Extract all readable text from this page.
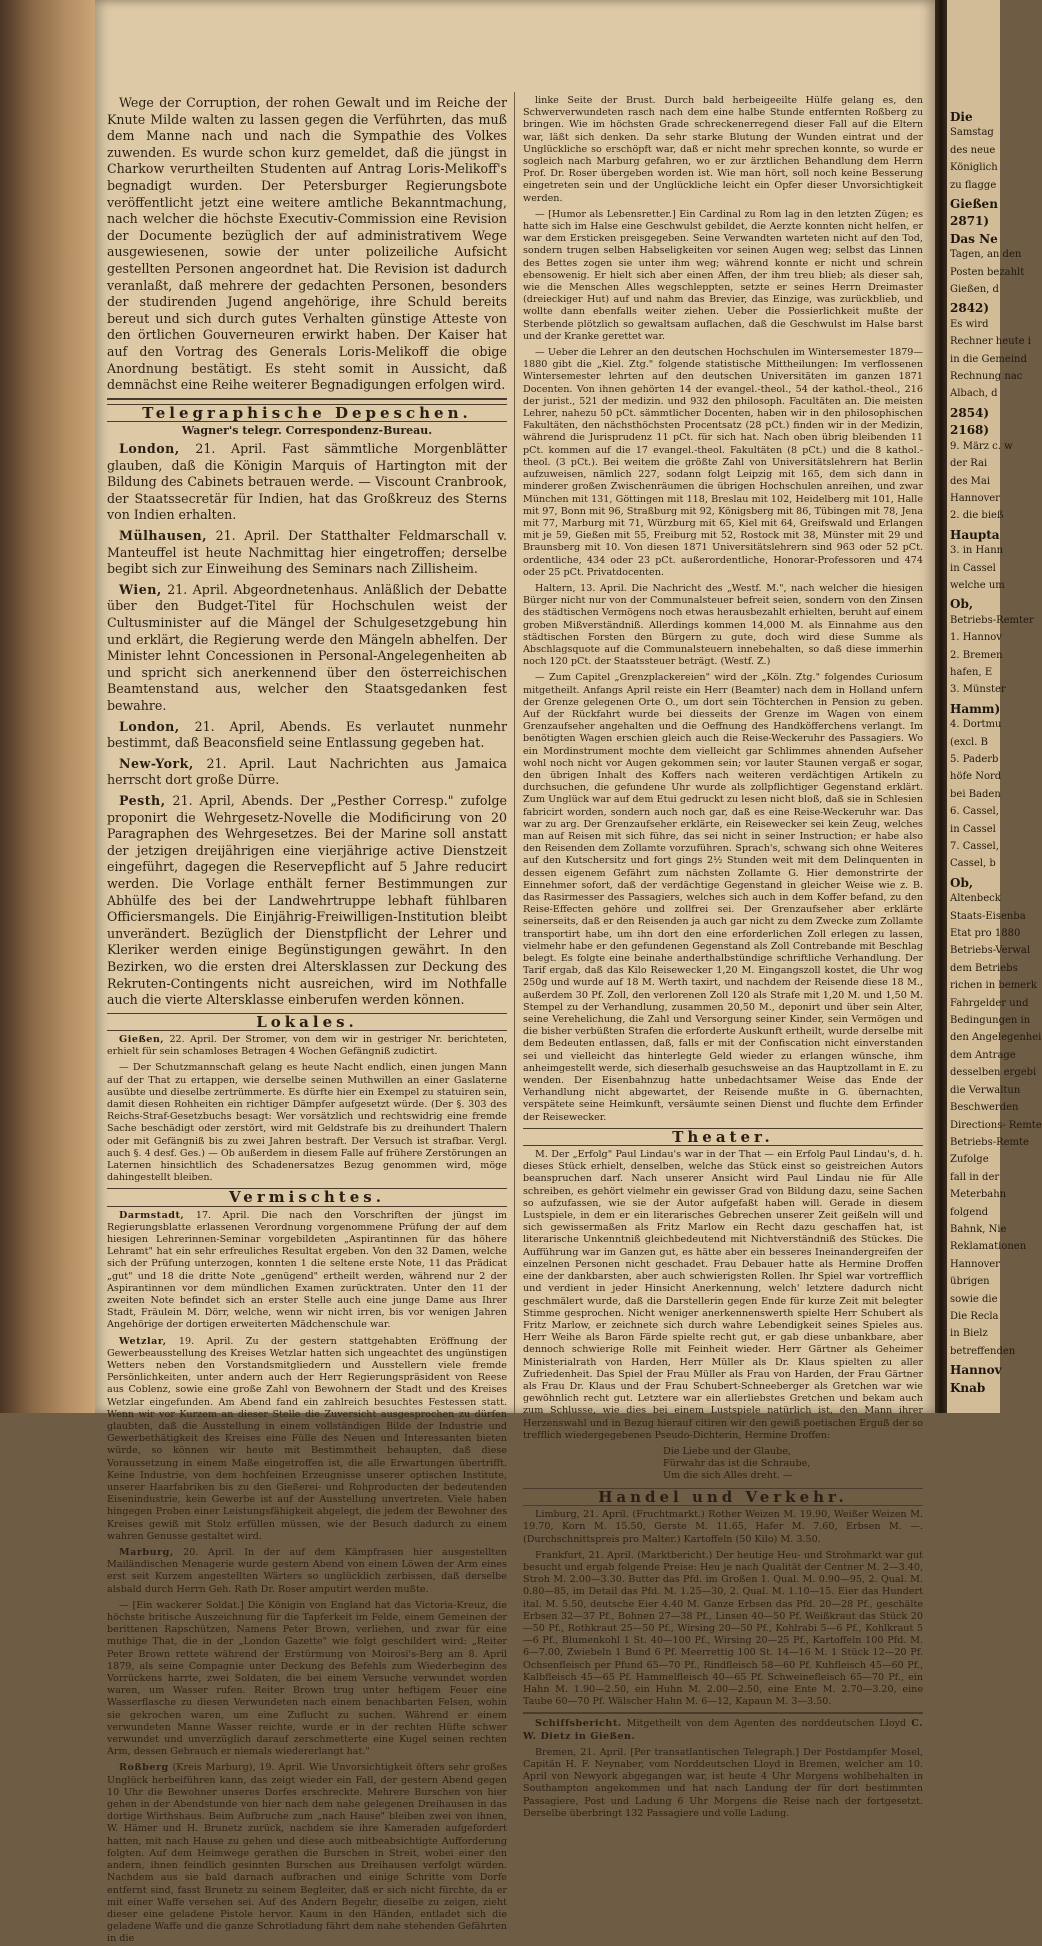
Wege der Corruption, der rohen Gewalt und im Reiche der Knute Milde walten zu lassen gegen die Verführten, das muß dem Manne nach und nach die Sympathie des Volkes zuwenden. Es wurde schon kurz gemeldet, daß die jüngst in Charkow verurtheilten Studenten auf Antrag Loris-Melikoff's begnadigt wurden. Der Petersburger Regierungsbote veröffentlicht jetzt eine weitere amtliche Bekanntmachung, nach welcher die höchste Executiv-Commission eine Revision der Documente bezüglich der auf administrativem Wege ausgewiesenen, sowie der unter polizeiliche Aufsicht gestellten Personen angeordnet hat. Die Revision ist dadurch veranlaßt, daß mehrere der gedachten Personen, besonders der studirenden Jugend angehörige, ihre Schuld bereits bereut und sich durch gutes Verhalten günstige Atteste von den örtlichen Gouverneuren erwirkt haben. Der Kaiser hat auf den Vortrag des Generals Loris-Melikoff die obige Anordnung bestätigt. Es steht somit in Aussicht, daß demnächst eine Reihe weiterer Begnadigungen erfolgen wird.

Telegraphische Depeschen.
Wagner's telegr. Correspondenz-Bureau.

London, 21. April. Fast sämmtliche Morgenblätter glauben, daß die Königin Marquis of Hartington mit der Bildung des Cabinets betrauen werde. — Viscount Cranbrook, der Staatssecretär für Indien, hat das Großkreuz des Sterns von Indien erhalten.

Mülhausen, 21. April. Der Statthalter Feldmarschall v. Manteuffel ist heute Nachmittag hier eingetroffen; derselbe begibt sich zur Einweihung des Seminars nach Zillisheim.

Wien, 21. April. Abgeordnetenhaus. Anläßlich der Debatte über den Budget-Titel für Hochschulen weist der Cultusminister auf die Mängel der Schulgesetzgebung hin und erklärt, die Regierung werde den Mängeln abhelfen. Der Minister lehnt Concessionen in Personal-Angelegenheiten ab und spricht sich anerkennend über den österreichischen Beamtenstand aus, welcher den Staatsgedanken fest bewahre.

London, 21. April, Abends. Es verlautet nunmehr bestimmt, daß Beaconsfield seine Entlassung gegeben hat.

New-York, 21. April. Laut Nachrichten aus Jamaica herrscht dort große Dürre.

Pesth, 21. April, Abends. Der „Pesther Corresp." zufolge proponirt die Wehrgesetz-Novelle die Modificirung von 20 Paragraphen des Wehrgesetzes. Bei der Marine soll anstatt der jetzigen dreijährigen eine vierjährige active Dienstzeit eingeführt, dagegen die Reservepflicht auf 5 Jahre reducirt werden. Die Vorlage enthält ferner Bestimmungen zur Abhülfe des bei der Landwehrtruppe lebhaft fühlbaren Officiersmangels. Die Einjährig-Freiwilligen-Institution bleibt unverändert. Bezüglich der Dienstpflicht der Lehrer und Kleriker werden einige Begünstigungen gewährt. In den Bezirken, wo die ersten drei Altersklassen zur Deckung des Rekruten-Contingents nicht ausreichen, wird im Nothfalle auch die vierte Altersklasse einberufen werden können.

Lokales.

Gießen, 22. April. Der Stromer, von dem wir in gestriger Nr. berichteten, erhielt für sein schamloses Betragen 4 Wochen Gefängniß zudictirt.

— Der Schutzmannschaft gelang es heute Nacht endlich, einen jungen Mann auf der That zu ertappen, wie derselbe seinen Muthwillen an einer Gaslaterne ausübte und dieselbe zertrümmerte. Es dürfte hier ein Exempel zu statuiren sein, damit diesen Rohheiten ein richtiger Dämpfer aufgesetzt würde. (Der §. 303 des Reichs-Straf-Gesetzbuchs besagt: Wer vorsätzlich und rechtswidrig eine fremde Sache beschädigt oder zerstört, wird mit Geldstrafe bis zu dreihundert Thalern oder mit Gefängniß bis zu zwei Jahren bestraft. Der Versuch ist strafbar. Vergl. auch §. 4 desf. Ges.) — Ob außerdem in diesem Falle auf frühere Zerstörungen an Laternen hinsichtlich des Schadenersatzes Bezug genommen wird, möge dahingestellt bleiben.

Vermischtes.

Darmstadt, 17. April. Die nach den Vorschriften der jüngst im Regierungsblatte erlassenen Verordnung vorgenommene Prüfung der auf dem hiesigen Lehrerinnen-Seminar vorgebildeten „Aspirantinnen für das höhere Lehramt" hat ein sehr erfreuliches Resultat ergeben. Von den 32 Damen, welche sich der Prüfung unterzogen, konnten 1 die seltene erste Note, 11 das Prädicat „gut" und 18 die dritte Note „genügend" ertheilt werden, während nur 2 der Aspirantinnen vor dem mündlichen Examen zurücktraten. Unter den 11 der zweiten Note befindet sich an erster Stelle auch eine junge Dame aus Ihrer Stadt, Fräulein M. Dörr, welche, wenn wir nicht irren, bis vor wenigen Jahren Angehörige der dortigen erweiterten Mädchenschule war.

Wetzlar, 19. April. Zu der gestern stattgehabten Eröffnung der Gewerbeausstellung des Kreises Wetzlar hatten sich ungeachtet des ungünstigen Wetters neben den Vorstandsmitgliedern und Ausstellern viele fremde Persönlichkeiten, unter andern auch der Herr Regierungspräsident von Reese aus Coblenz, sowie eine große Zahl von Bewohnern der Stadt und des Kreises Wetzlar eingefunden. Am Abend fand ein zahlreich besuchtes Festessen statt. Wenn wir vor Kurzem an dieser Stelle die Zuversicht ausgesprochen zu dürfen glaubten, daß die Ausstellung in einem vollständigen Bilde der Industrie und Gewerbethätigkeit des Kreises eine Fülle des Neuen und Interessanten bieten würde, so können wir heute mit Bestimmtheit behaupten, daß diese Voraussetzung in einem Maße eingetroffen ist, die alle Erwartungen übertrifft. Keine Industrie, von dem hochfeinen Erzeugnisse unserer optischen Institute, unserer Haarfabriken bis zu den Gießerei- und Rohproducten der bedeutenden Eisenindustrie, kein Gewerbe ist auf der Ausstellung unvertreten. Viele haben hingegen Proben einer Leistungsfähigkeit abgelegt, die jedem der Bewohner des Kreises gewiß mit Stolz erfüllen müssen, wie der Besuch dadurch zu einem wahren Genusse gestaltet wird.

Marburg, 20. April. In der auf dem Kämpfrasen hier ausgestellten Mailändischen Menagerie wurde gestern Abend von einem Löwen der Arm eines erst seit Kurzem angestellten Wärters so unglücklich zerbissen, daß derselbe alsbald durch Herrn Geh. Rath Dr. Roser amputirt werden mußte.

— [Ein wackerer Soldat.] Die Königin von England hat das Victoria-Kreuz, die höchste britische Auszeichnung für die Tapferkeit im Felde, einem Gemeinen der berittenen Rapschützen, Namens Peter Brown, verliehen, und zwar für eine muthige That, die in der „London Gazette" wie folgt geschildert wird: „Reiter Peter Brown rettete während der Erstürmung von Moirosi's-Berg am 8. April 1879, als seine Compagnie unter Deckung des Befehls zum Wiederbeginn des Vorrückens harrte, zwei Soldaten, die bei einem Versuche verwundet worden waren, um Wasser rufen. Reiter Brown trug unter heftigem Feuer eine Wasserflasche zu diesen Verwundeten nach einem benachbarten Felsen, wohin sie gekrochen waren, um eine Zuflucht zu suchen. Während er einem verwundeten Manne Wasser reichte, wurde er in der rechten Hüfte schwer verwundet und unverzüglich darauf zerschmetterte eine Kugel seinen rechten Arm, dessen Gebrauch er niemals wiedererlangt hat."

Roßberg (Kreis Marburg), 19. April. Wie Unvorsichtigkeit öfters sehr großes Unglück herbeiführen kann, das zeigt wieder ein Fall, der gestern Abend gegen 10 Uhr die Bewohner unseres Dorfes erschreckte. Mehrere Burschen von hier gehen in der Abendstunde von hier nach dem nahe gelegenen Dreihausen in das dortige Wirthshaus. Beim Aufbruche zum „nach Hause" bleiben zwei von ihnen, W. Hämer und H. Brunetz zurück, nachdem sie ihre Kameraden aufgefordert hatten, mit nach Hause zu gehen und diese auch mitbeabsichtigte Aufforderung folgten. Auf dem Heimwege gerathen die Burschen in Streit, wobei einer den andern, ihnen feindlich gesinnten Burschen aus Dreihausen verfolgt würden. Nachdem aus sie bald darnach aufbrachen und einige Schritte vom Dorfe entfernt sind, fasst Brunetz zu seinem Begleiter, daß er sich nicht fürchte, da er mit einer Waffe versehen sei. Auf des Andern Begehr, dieselbe zu zeigen, zieht dieser eine geladene Pistole hervor. Kaum in den Händen, entladet sich die geladene Waffe und die ganze Schrotladung fährt dem nahe stehenden Gefährten in die

linke Seite der Brust. Durch bald herbeigeeilte Hülfe gelang es, den Schwerverwundeten rasch nach dem eine halbe Stunde entfernten Roßberg zu bringen. Wie im höchsten Grade schreckenerregend dieser Fall auf die Eltern war, läßt sich denken. Da sehr starke Blutung der Wunden eintrat und der Unglückliche so erschöpft war, daß er nicht mehr sprechen konnte, so wurde er sogleich nach Marburg gefahren, wo er zur ärztlichen Behandlung dem Herrn Prof. Dr. Roser übergeben worden ist. Wie man hört, soll noch keine Besserung eingetreten sein und der Unglückliche leicht ein Opfer dieser Unvorsichtigkeit werden.

— [Humor als Lebensretter.] Ein Cardinal zu Rom lag in den letzten Zügen; es hatte sich im Halse eine Geschwulst gebildet, die Aerzte konnten nicht helfen, er war dem Ersticken preisgegeben. Seine Verwandten warteten nicht auf den Tod, sondern trugen selben Habseligkeiten vor seinen Augen weg; selbst das Linnen des Bettes zogen sie unter ihm weg; während konnte er nicht und schrein ebensowenig. Er hielt sich aber einen Affen, der ihm treu blieb; als dieser sah, wie die Menschen Alles wegschleppten, setzte er seines Herrn Dreimaster (dreieckiger Hut) auf und nahm das Brevier, das Einzige, was zurückblieb, und wollte dann ebenfalls weiter ziehen. Ueber die Possierlichkeit mußte der Sterbende plötzlich so gewaltsam auflachen, daß die Geschwulst im Halse barst und der Kranke gerettet war.

— Ueber die Lehrer an den deutschen Hochschulen im Wintersemester 1879—1880 gibt die „Kiel. Ztg." folgende statistische Mittheilungen: Im verflossenen Wintersemester lehrten auf den deutschen Universitäten im ganzen 1871 Docenten. Von ihnen gehörten 14 der evangel.-theol., 54 der kathol.-theol., 216 der jurist., 521 der medizin. und 932 den philosoph. Facultäten an. Die meisten Lehrer, nahezu 50 pCt. sämmtlicher Docenten, haben wir in den philosophischen Fakultäten, den nächsthöchsten Procentsatz (28 pCt.) finden wir in der Medizin, während die Jurisprudenz 11 pCt. für sich hat. Nach oben übrig bleibenden 11 pCt. kommen auf die 17 evangel.-theol. Fakultäten (8 pCt.) und die 8 kathol.-theol. (3 pCt.). Bei weitem die größte Zahl von Universitätslehrern hat Berlin aufzuweisen, nämlich 227, sodann folgt Leipzig mit 165, dem sich dann in minderer großen Zwischenräumen die übrigen Hochschulen anreihen, und zwar München mit 131, Göttingen mit 118, Breslau mit 102, Heidelberg mit 101, Halle mit 97, Bonn mit 96, Straßburg mit 92, Königsberg mit 86, Tübingen mit 78, Jena mit 77, Marburg mit 71, Würzburg mit 65, Kiel mit 64, Greifswald und Erlangen mit je 59, Gießen mit 55, Freiburg mit 52, Rostock mit 38, Münster mit 29 und Braunsberg mit 10. Von diesen 1871 Universitätslehrern sind 963 oder 52 pCt. ordentliche, 434 oder 23 pCt. außerordentliche, Honorar-Professoren und 474 oder 25 pCt. Privatdocenten.

Haltern, 13. April. Die Nachricht des „Westf. M.", nach welcher die hiesigen Bürger nicht nur von der Communalsteuer befreit seien, sondern von den Zinsen des städtischen Vermögens noch etwas herausbezahlt erhielten, beruht auf einem groben Mißverständniß. Allerdings kommen 14,000 M. als Einnahme aus den städtischen Forsten den Bürgern zu gute, doch wird diese Summe als Abschlagsquote auf die Communalsteuern innebehalten, so daß diese immerhin noch 120 pCt. der Staatssteuer beträgt. (Westf. Z.)

— Zum Capitel „Grenzplackereien" wird der „Köln. Ztg." folgendes Curiosum mitgetheilt. Anfangs April reiste ein Herr (Beamter) nach dem in Holland unfern der Grenze gelegenen Orte O., um dort sein Töchterchen in Pension zu geben. Auf der Rückfahrt wurde bei diesseits der Grenze im Wagen von einem Grenzaufseher angehalten und die Oeffnung des Handköfferchens verlangt. Im benötigten Wagen erschien gleich auch die Reise-Weckeruhr des Passagiers. Wo ein Mordinstrument mochte dem vielleicht gar Schlimmes ahnenden Aufseher wohl noch nicht vor Augen gekommen sein; vor lauter Staunen vergaß er sogar, den übrigen Inhalt des Koffers nach weiteren verdächtigen Artikeln zu durchsuchen, die gefundene Uhr wurde als zollpflichtiger Gegenstand erklärt. Zum Unglück war auf dem Etui gedruckt zu lesen nicht bloß, daß sie in Schlesien fabricirt worden, sondern auch noch gar, daß es eine Reise-Weckeruhr war. Das war zu arg. Der Grenzaufseher erklärte, ein Reisewecker sei kein Zeug, welches man auf Reisen mit sich führe, das sei nicht in seiner Instruction; er habe also den Reisenden dem Zollamte vorzuführen. Sprach's, schwang sich ohne Weiteres auf den Kutschersitz und fort gings 2½ Stunden weit mit dem Delinquenten in dessen eigenem Gefährt zum nächsten Zollamte G. Hier demonstrirte der Einnehmer sofort, daß der verdächtige Gegenstand in gleicher Weise wie z. B. das Rasirmesser des Passagiers, welches sich auch in dem Koffer befand, zu den Reise-Effecten gehöre und zollfrei sei. Der Grenzaufseher aber erklärte seinerseits, daß er den Reisenden ja auch gar nicht zu dem Zwecke zum Zollamte transportirt habe, um ihn dort den eine erforderlichen Zoll erlegen zu lassen, vielmehr habe er den gefundenen Gegenstand als Zoll Contrebande mit Beschlag belegt. Es folgte eine beinahe anderthalbstündige schriftliche Verhandlung. Der Tarif ergab, daß das Kilo Reisewecker 1,20 M. Eingangszoll kostet, die Uhr wog 250g und wurde auf 18 M. Werth taxirt, und nachdem der Reisende diese 18 M., außerdem 30 Pf. Zoll, den verlorenen Zoll 120 als Strafe mit 1,20 M. und 1,50 M. Stempel zu der Verhandlung, zusammen 20,50 M., deponirt und über sein Alter, seine Verehelichung, die Zahl und Versorgung seiner Kinder, sein Vermögen und die bisher verbüßten Strafen die erforderte Auskunft ertheilt, wurde derselbe mit dem Bedeuten entlassen, daß, falls er mit der Confiscation nicht einverstanden sei und vielleicht das hinterlegte Geld wieder zu erlangen wünsche, ihm anheimgestellt werde, sich dieserhalb gesuchsweise an das Hauptzollamt in E. zu wenden. Der Eisenbahnzug hatte unbedachtsamer Weise das Ende der Verhandlung nicht abgewartet, der Reisende mußte in G. übernachten, verspätete seine Heimkunft, versäumte seinen Dienst und fluchte dem Erfinder der Reisewecker.

Theater.

M. Der „Erfolg" Paul Lindau's war in der That — ein Erfolg Paul Lindau's, d. h. dieses Stück erhielt, denselben, welche das Stück einst so geistreichen Autors beanspruchen darf. Nach unserer Ansicht wird Paul Lindau nie für Alle schreiben, es gehört vielmehr ein gewisser Grad von Bildung dazu, seine Sachen so aufzufassen, wie sie der Autor aufgefaßt haben will. Gerade in diesem Lustspiele, in dem er ein literarisches Gebrechen unserer Zeit geißeln will und sich gewissermaßen als Fritz Marlow ein Recht dazu geschaffen hat, ist literarische Unkenntniß gleichbedeutend mit Nichtverständniß des Stückes. Die Aufführung war im Ganzen gut, es hätte aber ein besseres Ineinandergreifen der einzelnen Personen nicht geschadet. Frau Debauer hatte als Hermine Droffen eine der dankbarsten, aber auch schwierigsten Rollen. Ihr Spiel war vortrefflich und verdient in jeder Hinsicht Anerkennung, welch' letztere dadurch nicht geschmälert wurde, daß die Darstellerin gegen Ende für kurze Zeit mit belegter Stimme gesprochen. Nicht weniger anerkennenswerth spielte Herr Schubert als Fritz Marlow, er zeichnete sich durch wahre Lebendigkeit seines Spieles aus. Herr Weihe als Baron Färde spielte recht gut, er gab diese unbankbare, aber dennoch schwierige Rolle mit Feinheit wieder. Herr Gärtner als Geheimer Ministerialrath von Harden, Herr Müller als Dr. Klaus spielten zu aller Zufriedenheit. Das Spiel der Frau Müller als Frau von Harden, der Frau Gärtner als Frau Dr. Klaus und der Frau Schubert-Schneeberger als Gretchen war wie gewöhnlich recht gut. Letztere war ein allerliebstes Gretchen und bekam auch zum Schlusse, wie dies bei einem Lustspiele natürlich ist, den Mann ihrer Herzenswahl und in Bezug hierauf citiren wir den gewiß poetischen Erguß der so trefflich wiedergegebenen Pseudo-Dichterin, Hermine Droffen:

Die Liebe und der Glaube,
Fürwahr das ist die Schraube,
Um die sich Alles dreht. —
Handel und Verkehr.

Limburg, 21. April. (Fruchtmarkt.) Rother Weizen M. 19.90, Weißer Weizen M. 19.70, Korn M. 15.50, Gerste M. 11.65, Hafer M. 7.60, Erbsen M. —. (Durchschnittspreis pro Malter.) Kartoffeln (50 Kilo) M. 3.50.

Frankfurt, 21. April. (Marktbericht.) Der heutige Heu- und Strohmarkt war gut besucht und ergab folgende Preise: Heu je nach Qualität der Centner M. 2—3.40, Stroh M. 2.00—3.30. Butter das Pfd. im Großen 1. Qual. M. 0.90—95, 2. Qual. M. 0.80—85, im Detail das Pfd. M. 1.25—30, 2. Qual. M. 1.10—15. Eier das Hundert ital. M. 5.50, deutsche Eier 4.40 M. Ganze Erbsen das Pfd. 20—28 Pf., geschälte Erbsen 32—37 Pf., Bohnen 27—38 Pf., Linsen 40—50 Pf. Weißkraut das Stück 20—50 Pf., Rothkraut 25—50 Pf., Wirsing 20—50 Pf., Kohlrabi 5—6 Pf., Kohlkraut 5—6 Pf., Blumenkohl 1 St. 40—100 Pf., Wirsing 20—25 Pf., Kartoffeln 100 Pfd. M. 6—7.00, Zwiebeln 1 Bund 6 Pf. Meerrettig 100 St. 14—16 M. 1 Stück 12—20 Pf. Ochsenfleisch per Pfund 65—70 Pf., Rindfleisch 58—60 Pf. Kuhfleisch 45—60 Pf., Kalbfleisch 45—65 Pf. Hammelfleisch 40—65 Pf. Schweinefleisch 65—70 Pf., ein Hahn M. 1.90—2.50, ein Huhn M. 2.00—2.50, eine Ente M. 2.70—3.20, eine Taube 60—70 Pf. Wälscher Hahn M. 6—12, Kapaun M. 3—3.50.

Schiffsbericht. Mitgetheilt von dem Agenten des norddeutschen Lloyd C. W. Dietz in Gießen.

Bremen, 21. April. [Per transatlantischen Telegraph.] Der Postdampfer Mosel, Capitän H. F. Neynaber, vom Norddeutschen Lloyd in Bremen, welcher am 10. April von Newyork abgegangen war, ist heute 4 Uhr Morgens wohlbehalten in Southampton angekommen und hat nach Landung der für dort bestimmten Passagiere, Post und Ladung 6 Uhr Morgens die Reise nach der fortgesetzt. Derselbe überbringt 132 Passagiere und volle Ladung.

Die
Samstag
des neue
Königlich
zu flagge
Gießen
2871)
Das Ne
Tagen, an den
Posten bezahlt
Gießen, d
2842)
Es wird
Rechner heute i
in die Gemeind
Rechnung nac
Albach, d
2854)
2168)
9. März c. w
der Rai
des Mai
Hannover
2. die bieß
Haupta
3. in Hann
in Cassel
welche um
Ob,
Betriebs-Remter
1. Hannov
2. Bremen
hafen, E
3. Münster
Hamm)
4. Dortmu
(excl. B
5. Paderb
höfe Nord
bei Baden
6. Cassel,
in Cassel
7. Cassel,
Cassel, b
Ob,
Altenbeck
Staats-Eisenba
Etat pro 1880
Betriebs-Verwal
dem Betriebs
richen in bemerk
Fahrgelder und
Bedingungen in
den Angelegenhei
dem Antrage
desselben ergebi
die Verwaltun
Beschwerden
Directions- Remte
Betriebs-Remte
Zufolge
fall in der
Meterbahn
folgend
Bahnk, Nie
Reklamationen
Hannover
übrigen
sowie die
Die Recla
in Bielz
betreffenden
Hannov
Knab
